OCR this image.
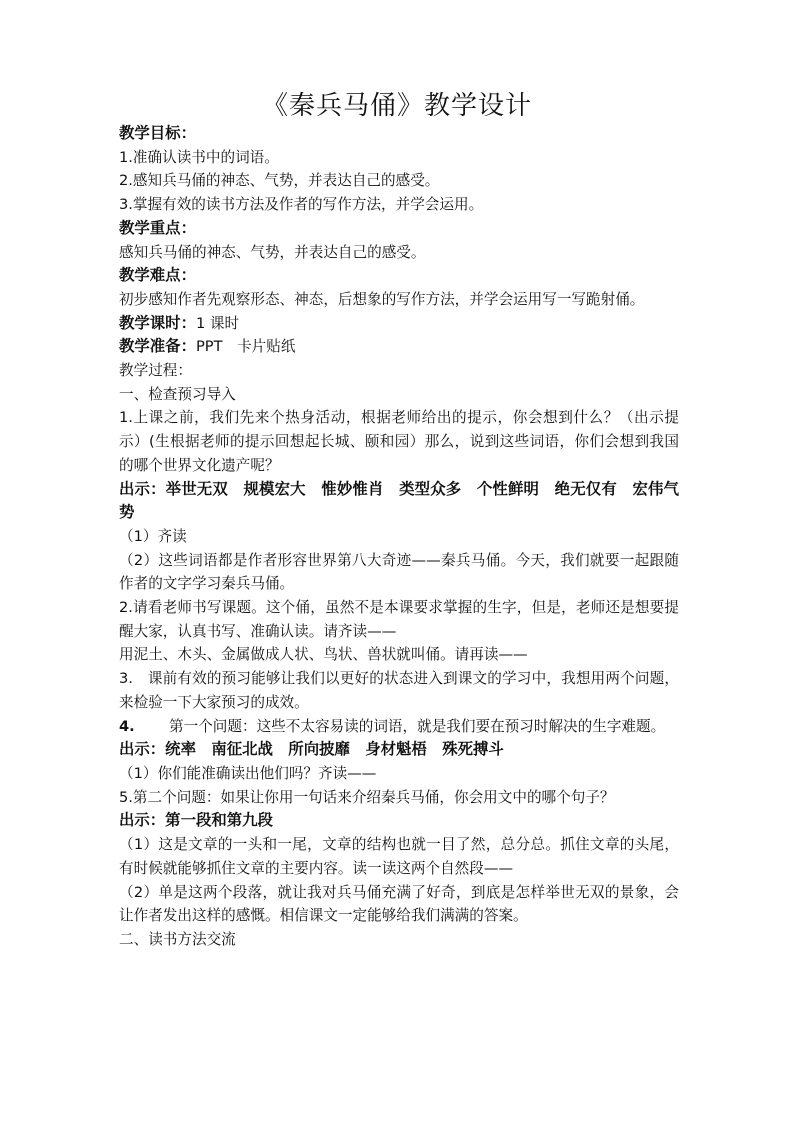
《秦兵马俑》教学设计

教学目标：

1.准确认读书中的词语。

2.感知兵马俑的神态、气势，并表达自己的感受。

3.掌握有效的读书方法及作者的写作方法，并学会运用。

教学重点：

感知兵马俑的神态、气势，并表达自己的感受。

教学难点：

初步感知作者先观察形态、神态，后想象的写作方法，并学会运用写一写跪射俑。

教学课时：1 课时

教学准备：PPT　卡片贴纸

教学过程：

一、检查预习导入

1.上课之前，我们先来个热身活动，根据老师给出的提示，你会想到什么？（出示提示）(生根据老师的提示回想起长城、颐和园）那么，说到这些词语，你们会想到我国的哪个世界文化遗产呢？

出示：举世无双　规模宏大　惟妙惟肖　类型众多　个性鲜明　绝无仅有　宏伟气势

（1）齐读

（2）这些词语都是作者形容世界第八大奇迹——秦兵马俑。今天，我们就要一起跟随作者的文字学习秦兵马俑。

2.请看老师书写课题。这个俑，虽然不是本课要求掌握的生字，但是，老师还是想要提醒大家，认真书写、准确认读。请齐读——

用泥土、木头、金属做成人状、鸟状、兽状就叫俑。请再读——

3.　课前有效的预习能够让我们以更好的状态进入到课文的学习中，我想用两个问题，来检验一下大家预习的成效。

4. 第一个问题：这些不太容易读的词语，就是我们要在预习时解决的生字难题。

出示：统率　南征北战　所向披靡　身材魁梧　殊死搏斗

（1）你们能准确读出他们吗？齐读——

5.第二个问题：如果让你用一句话来介绍秦兵马俑，你会用文中的哪个句子？

出示：第一段和第九段

（1）这是文章的一头和一尾，文章的结构也就一目了然，总分总。抓住文章的头尾，有时候就能够抓住文章的主要内容。读一读这两个自然段——

（2）单是这两个段落，就让我对兵马俑充满了好奇，到底是怎样举世无双的景象，会让作者发出这样的感慨。相信课文一定能够给我们满满的答案。

二、读书方法交流
